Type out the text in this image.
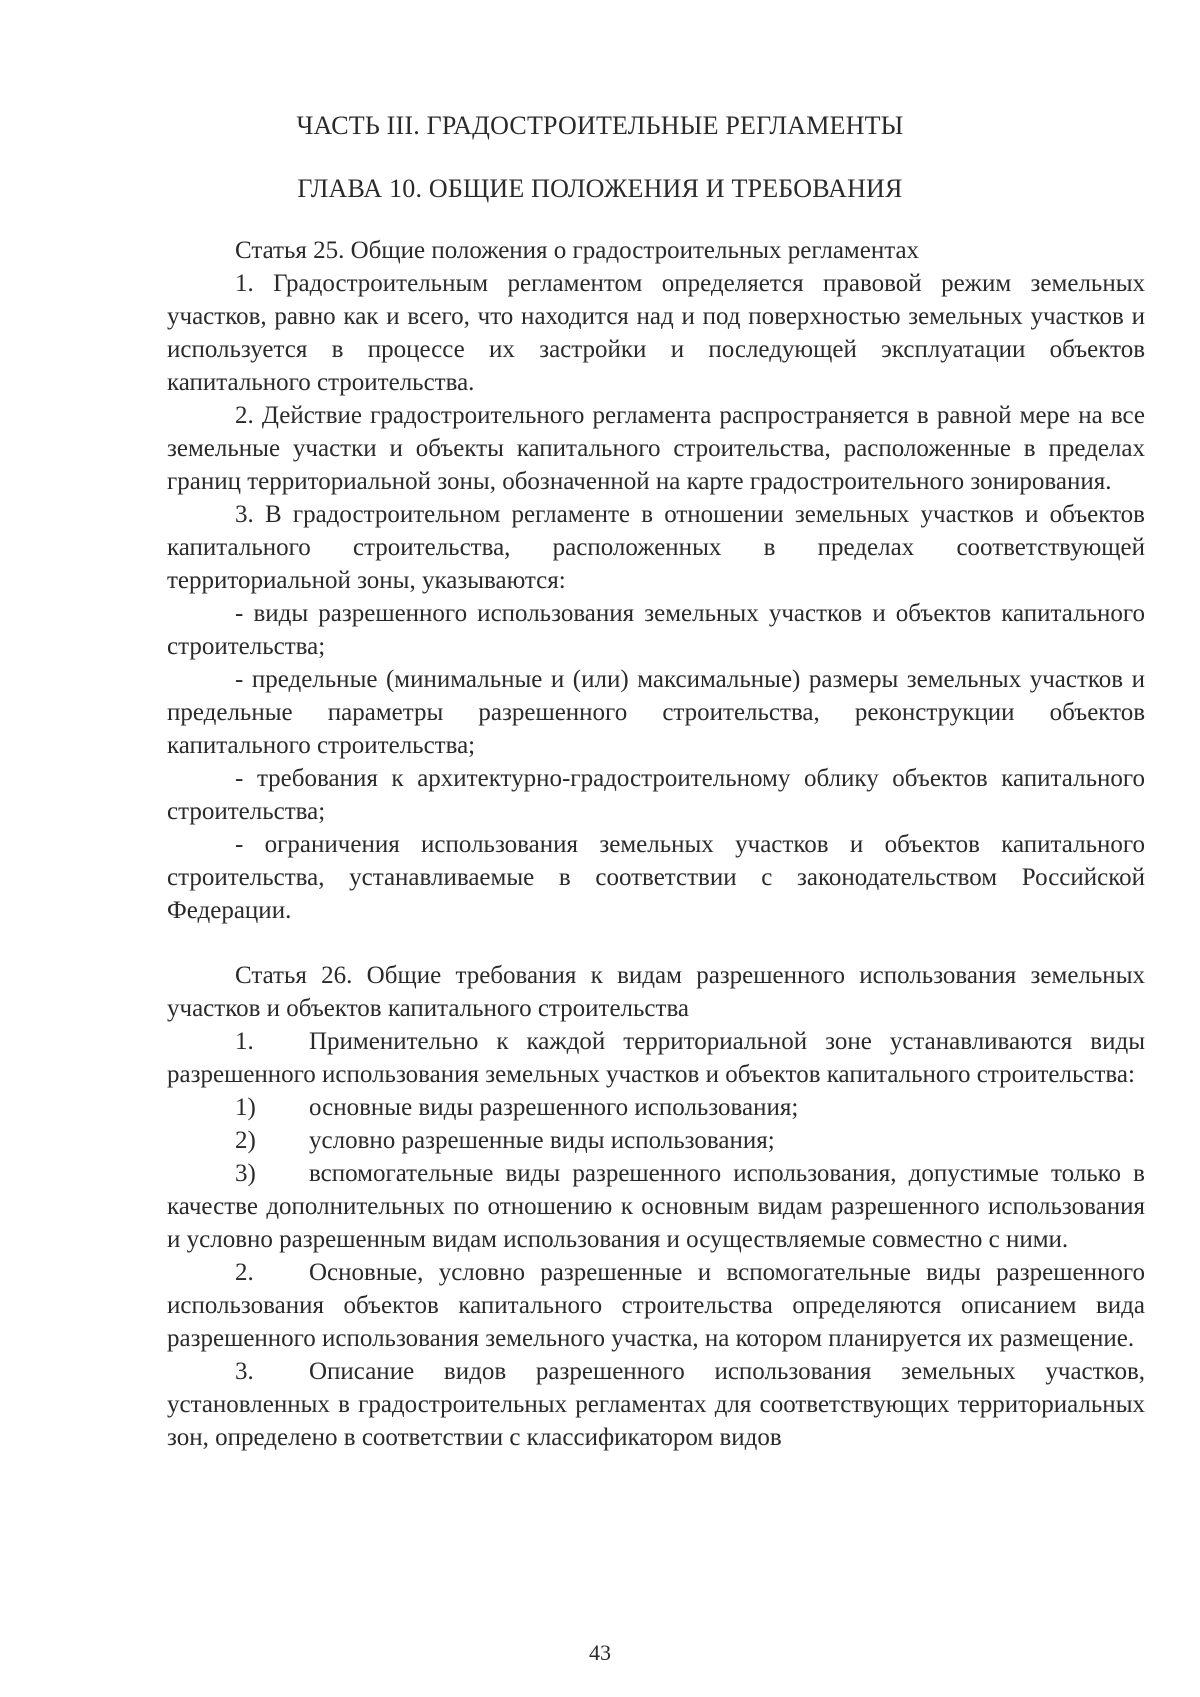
ЧАСТЬ III. ГРАДОСТРОИТЕЛЬНЫЕ РЕГЛАМЕНТЫ
ГЛАВА 10. ОБЩИЕ ПОЛОЖЕНИЯ И ТРЕБОВАНИЯ

Статья 25. Общие положения о градостроительных регламентах

1. Градостроительным регламентом определяется правовой режим земельных участков, равно как и всего, что находится над и под поверхностью земельных участков и используется в процессе их застройки и последующей эксплуатации объектов капитального строительства.

2. Действие градостроительного регламента распространяется в равной мере на все земельные участки и объекты капитального строительства, расположенные в пределах границ территориальной зоны, обозначенной на карте градостроительного зонирования.

3. В градостроительном регламенте в отношении земельных участков и объектов капитального строительства, расположенных в пределах соответствующей территориальной зоны, указываются:

- виды разрешенного использования земельных участков и объектов капитального строительства;

- предельные (минимальные и (или) максимальные) размеры земельных участков и предельные параметры разрешенного строительства, реконструкции объектов капитального строительства;

- требования к архитектурно-градостроительному облику объектов капитального строительства;

- ограничения использования земельных участков и объектов капитального строительства, устанавливаемые в соответствии с законодательством Российской Федерации.

Статья 26. Общие требования к видам разрешенного использования земельных участков и объектов капитального строительства

1. Применительно к каждой территориальной зоне устанавливаются виды разрешенного использования земельных участков и объектов капитального строительства:

1) основные виды разрешенного использования;

2) условно разрешенные виды использования;

3) вспомогательные виды разрешенного использования, допустимые только в качестве дополнительных по отношению к основным видам разрешенного использования и условно разрешенным видам использования и осуществляемые совместно с ними.

2. Основные, условно разрешенные и вспомогательные виды разрешенного использования объектов капитального строительства определяются описанием вида разрешенного использования земельного участка, на котором планируется их размещение.

3. Описание видов разрешенного использования земельных участков, установленных в градостроительных регламентах для соответствующих территориальных зон, определено в соответствии с классификатором видов

43
